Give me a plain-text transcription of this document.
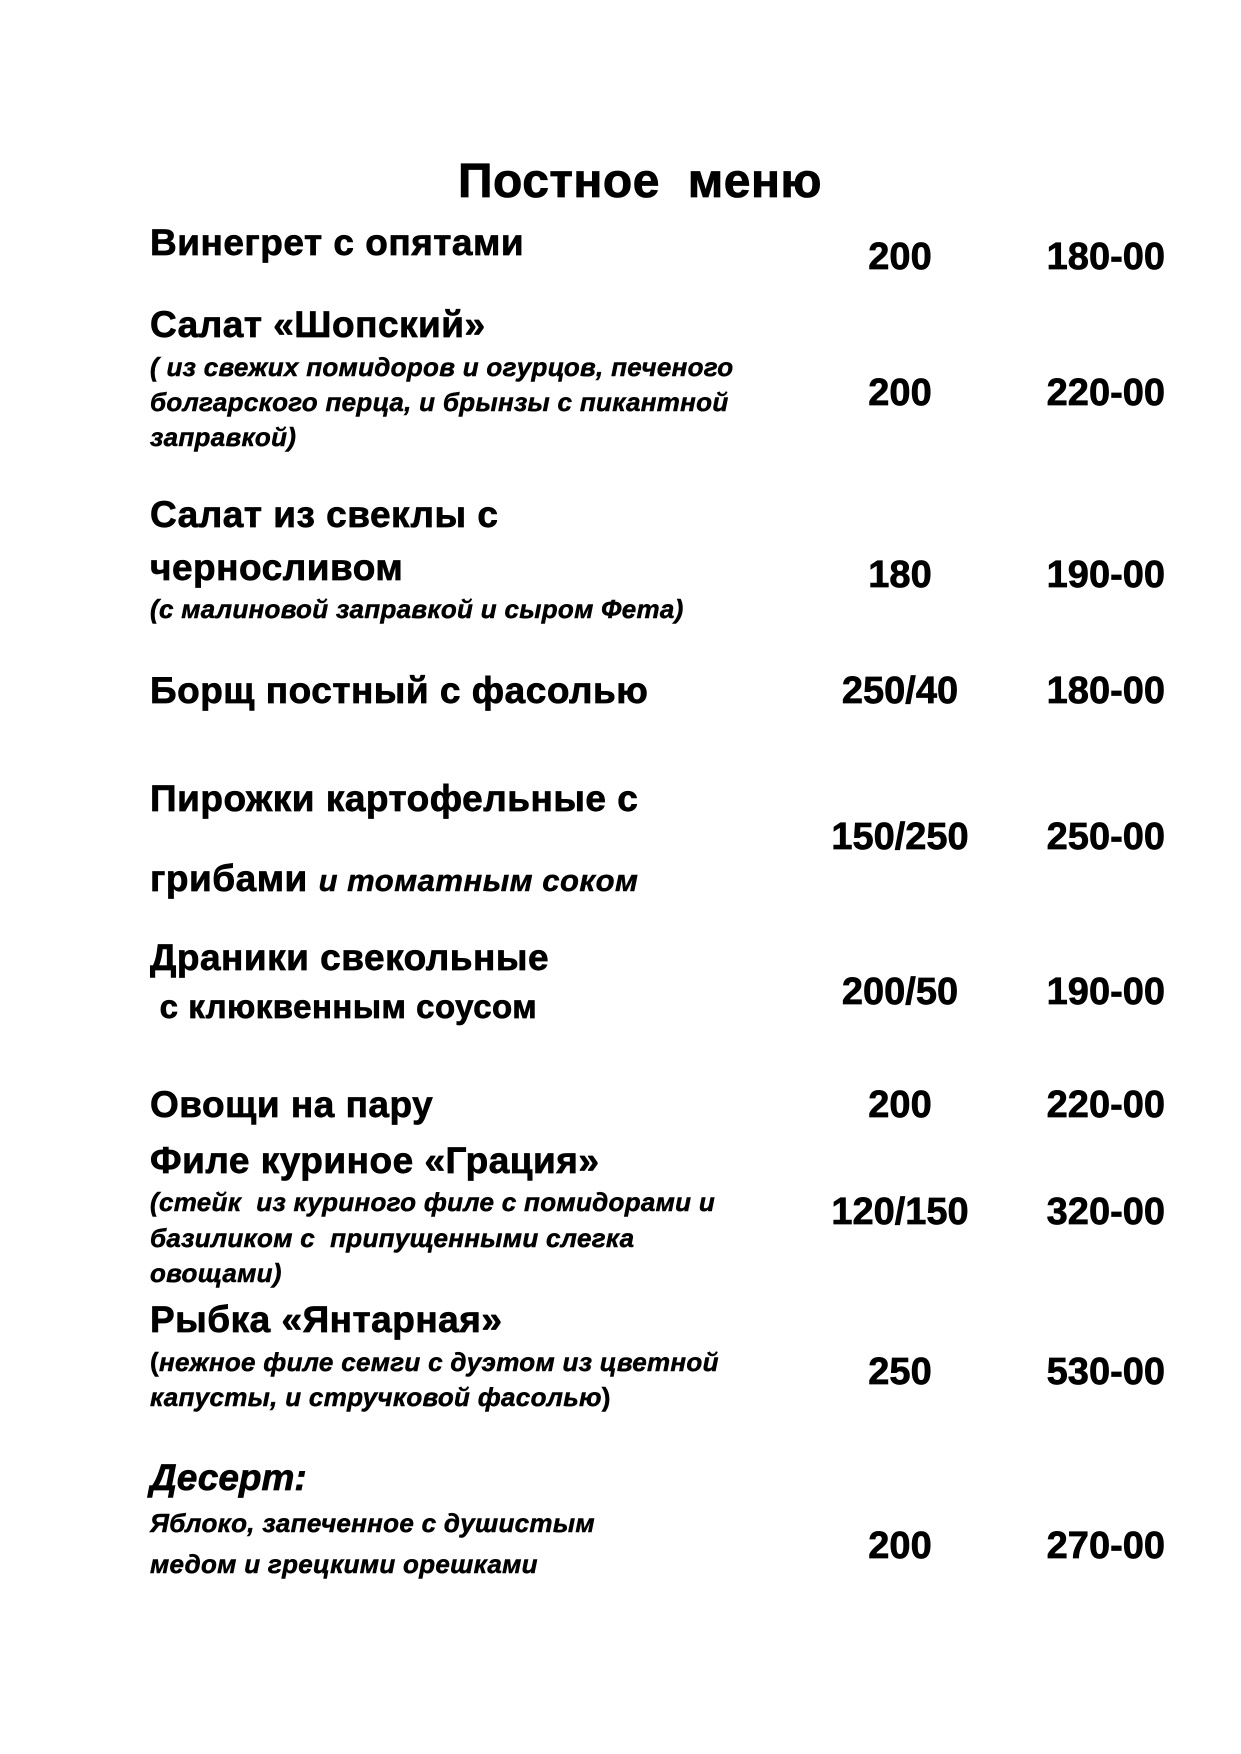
Постное меню
Винегрет с опятами	200	180-00
Салат «Шопский»
( из свежих помидоров и огурцов, печеного
болгарского перца, и брынзы с пикантной
заправкой)
200	220-00
Салат из свеклы с
черносливом
(с малиновой заправкой и сыром Фета)
180	190-00
Борщ постный с фасолью	250/40	180-00
Пирожки картофельные с
грибами и томатным соком
150/250	250-00
Драники свекольные
с клюквенным соусом	200/50	190-00
Овощи на пару	200	220-00
Филе куриное «Грация»
(стейк  из куриного филе с помидорами и
базиликом с  припущенными слегка
овощами)
120/150	320-00
Рыбка «Янтарная»
(нежное филе семги с дуэтом из цветной
капусты, и стручковой фасолью)
250	530-00
Десерт:
Яблоко, запеченное с душистым
медом и грецкими орешками	200	270-00
